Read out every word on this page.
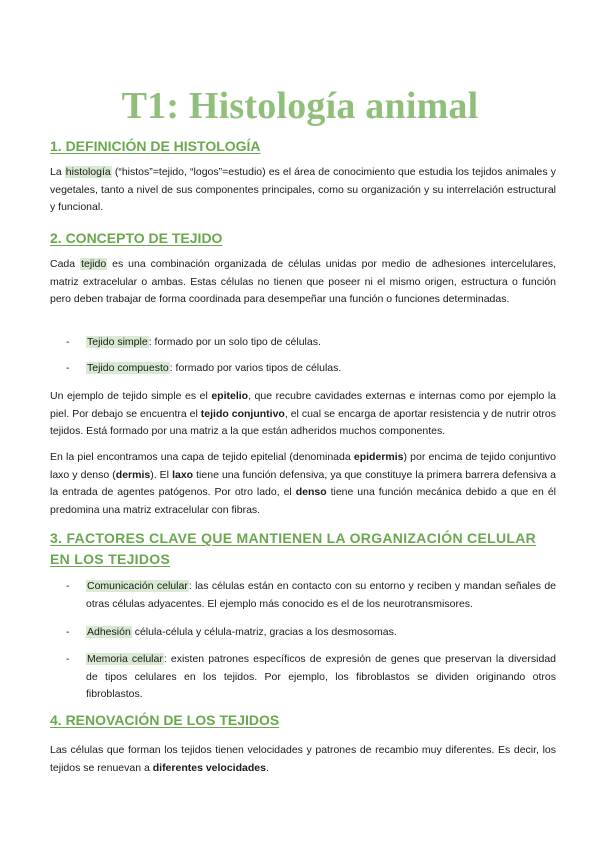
T1: Histología animal
1. DEFINICIÓN DE HISTOLOGÍA

La histología (“histos”=tejido, “logos”=estudio) es el área de conocimiento que estudia los tejidos animales y vegetales, tanto a nivel de sus componentes principales, como su organización y su interrelación estructural y funcional.

2. CONCEPTO DE TEJIDO

Cada tejido es una combinación organizada de células unidas por medio de adhesiones intercelulares, matriz extracelular o ambas. Estas células no tienen que poseer ni el mismo origen, estructura o función pero deben trabajar de forma coordinada para desempeñar una función o funciones determinadas.

-	Tejido simple: formado por un solo tipo de células.
-	Tejido compuesto: formado por varios tipos de células.

Un ejemplo de tejido simple es el epitelio, que recubre cavidades externas e internas como por ejemplo la piel. Por debajo se encuentra el tejido conjuntivo, el cual se encarga de aportar resistencia y de nutrir otros tejidos. Está formado por una matriz a la que están adheridos muchos componentes.

En la piel encontramos una capa de tejido epitelial (denominada epidermis) por encima de tejido conjuntivo laxo y denso (dermis). El laxo tiene una función defensiva, ya que constituye la primera barrera defensiva a la entrada de agentes patógenos. Por otro lado, el denso tiene una función mecánica debido a que en él predomina una matriz extracelular con fibras.

3. FACTORES CLAVE QUE MANTIENEN LA ORGANIZACIÓN CELULAR EN LOS TEJIDOS
-	Comunicación celular: las células están en contacto con su entorno y reciben y mandan señales de otras células adyacentes. El ejemplo más conocido es el de los neurotransmisores.
-	Adhesión célula-célula y célula-matriz, gracias a los desmosomas.
-	Memoria celular: existen patrones específicos de expresión de genes que preservan la diversidad de tipos celulares en los tejidos. Por ejemplo, los fibroblastos se dividen originando otros fibroblastos.
4. RENOVACIÓN DE LOS TEJIDOS

Las células que forman los tejidos tienen velocidades y patrones de recambio muy diferentes. Es decir, los tejidos se renuevan a diferentes velocidades.
